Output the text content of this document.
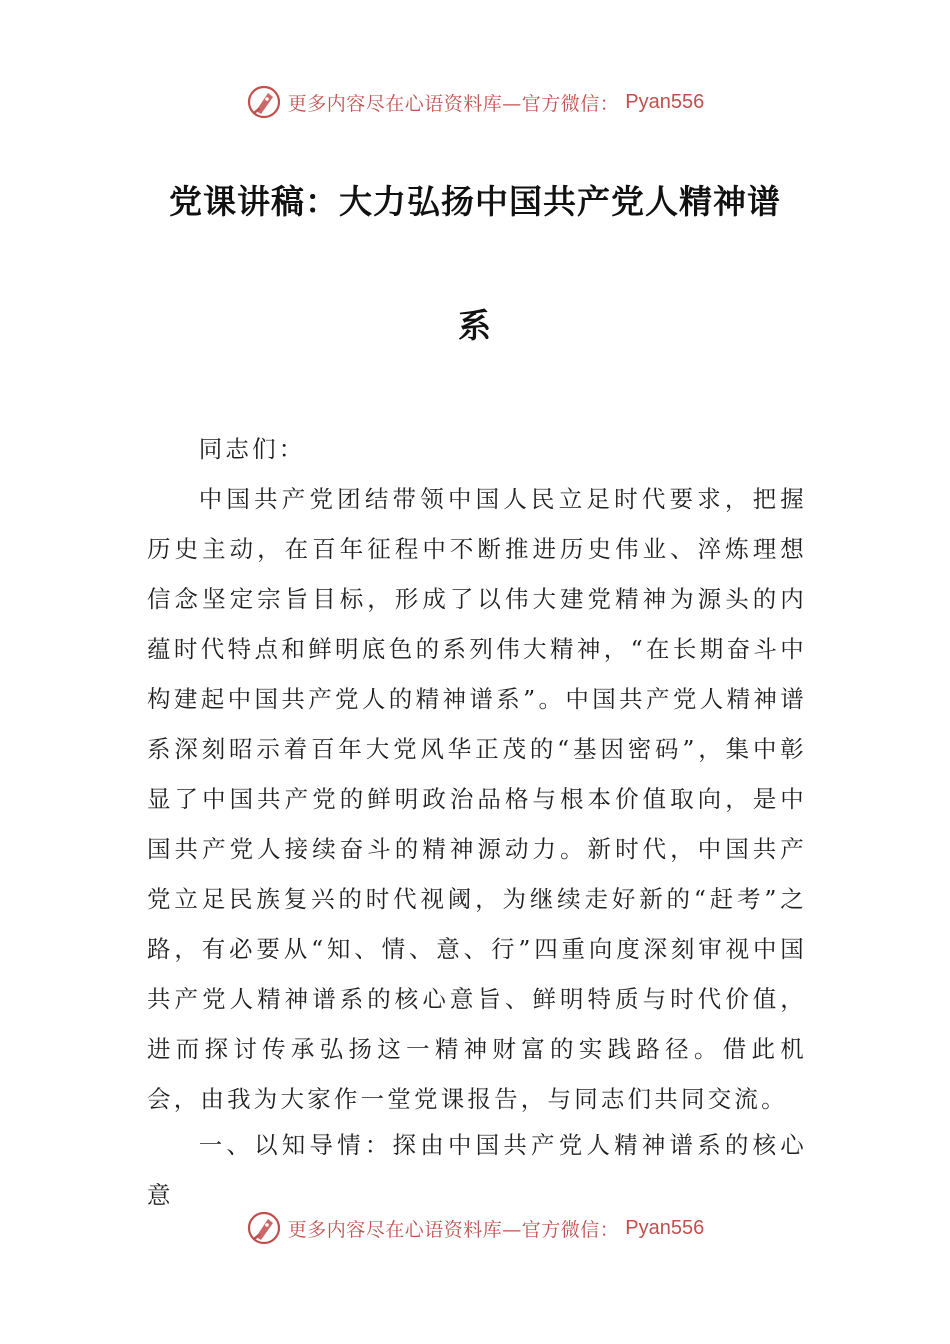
更多内容尽在心语资料库—官方微信： Pyan556
党课讲稿：大力弘扬中国共产党人精神谱
系

同志们：

中国共产党团结带领中国人民立足时代要求，把握历史主动，在百年征程中不断推进历史伟业、淬炼理想信念坚定宗旨目标，形成了以伟大建党精神为源头的内蕴时代特点和鲜明底色的系列伟大精神，“在长期奋斗中构建起中国共产党人的精神谱系”。中国共产党人精神谱系深刻昭示着百年大党风华正茂的“基因密码”，集中彰显了中国共产党的鲜明政治品格与根本价值取向，是中国共产党人接续奋斗的精神源动力。新时代，中国共产党立足民族复兴的时代视阈，为继续走好新的“赶考”之路，有必要从“知、情、意、行”四重向度深刻审视中国共产党人精神谱系的核心意旨、鲜明特质与时代价值，进而探讨传承弘扬这一精神财富的实践路径。借此机会，由我为大家作一堂党课报告，与同志们共同交流。

一、以知导情：探由中国共产党人精神谱系的核心意

更多内容尽在心语资料库—官方微信： Pyan556
